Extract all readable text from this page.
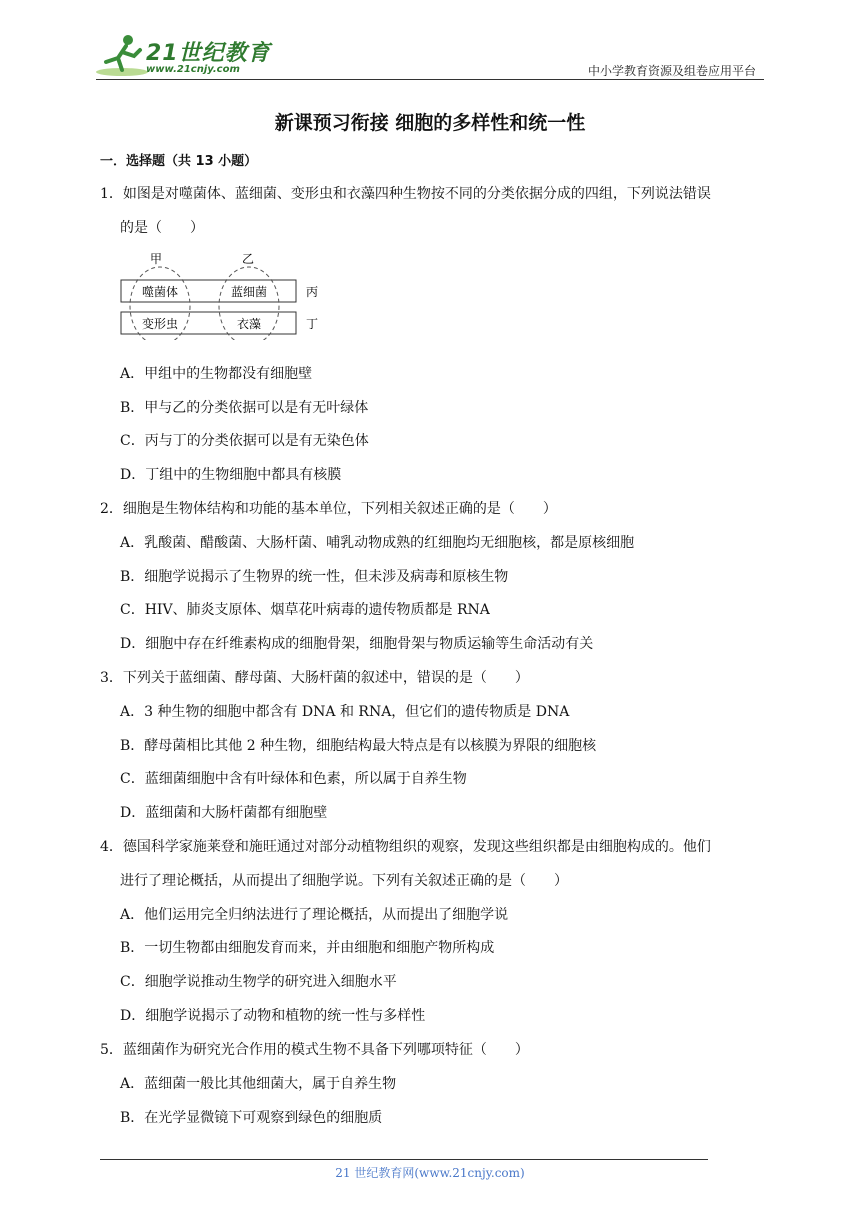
21世纪教育
www.21cnjy.com	中小学教育资源及组卷应用平台
新课预习衔接 细胞的多样性和统一性
一．选择题（共 13 小题）
1．如图是对噬菌体、蓝细菌、变形虫和衣藻四种生物按不同的分类依据分成的四组，下列说法错误
的是（　　）
甲	乙
噬菌体	蓝细菌
变形虫	衣藻
丙
丁
A．甲组中的生物都没有细胞壁
B．甲与乙的分类依据可以是有无叶绿体
C．丙与丁的分类依据可以是有无染色体
D．丁组中的生物细胞中都具有核膜
2．细胞是生物体结构和功能的基本单位，下列相关叙述正确的是（　　）
A．乳酸菌、醋酸菌、大肠杆菌、哺乳动物成熟的红细胞均无细胞核，都是原核细胞
B．细胞学说揭示了生物界的统一性，但未涉及病毒和原核生物
C．HIV、肺炎支原体、烟草花叶病毒的遗传物质都是 RNA
D．细胞中存在纤维素构成的细胞骨架，细胞骨架与物质运输等生命活动有关
3．下列关于蓝细菌、酵母菌、大肠杆菌的叙述中，错误的是（　　）
A．3 种生物的细胞中都含有 DNA 和 RNA，但它们的遗传物质是 DNA
B．酵母菌相比其他 2 种生物，细胞结构最大特点是有以核膜为界限的细胞核
C．蓝细菌细胞中含有叶绿体和色素，所以属于自养生物
D．蓝细菌和大肠杆菌都有细胞壁
4．德国科学家施莱登和施旺通过对部分动植物组织的观察，发现这些组织都是由细胞构成的。他们
进行了理论概括，从而提出了细胞学说。下列有关叙述正确的是（　　）
A．他们运用完全归纳法进行了理论概括，从而提出了细胞学说
B．一切生物都由细胞发育而来，并由细胞和细胞产物所构成
C．细胞学说推动生物学的研究进入细胞水平
D．细胞学说揭示了动物和植物的统一性与多样性
5．蓝细菌作为研究光合作用的模式生物不具备下列哪项特征（　　）
A．蓝细菌一般比其他细菌大，属于自养生物
B．在光学显微镜下可观察到绿色的细胞质
21 世纪教育网(www.21cnjy.com)
